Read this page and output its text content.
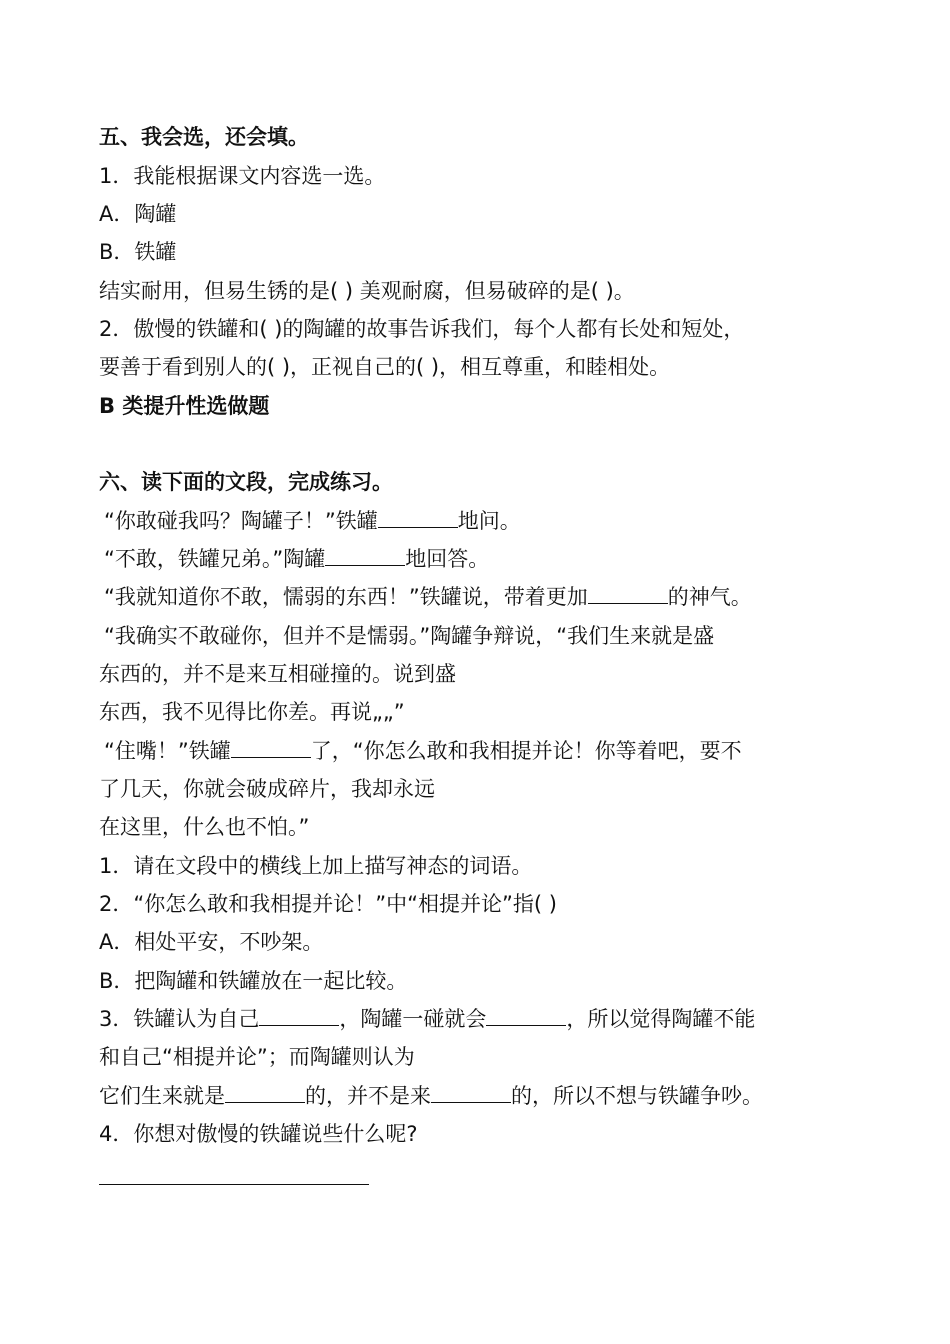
五、我会选，还会填。
1．我能根据课文内容选一选。
A．陶罐
B．铁罐
结实耐用，但易生锈的是( ) 美观耐腐，但易破碎的是( )。
2．傲慢的铁罐和( )的陶罐的故事告诉我们，每个人都有长处和短处，
要善于看到别人的( )，正视自己的( )，相互尊重，和睦相处。
B 类提升性选做题
六、读下面的文段，完成练习。
“你敢碰我吗？陶罐子！”铁罐	地问。
“不敢，铁罐兄弟。”陶罐	地回答。
“我就知道你不敢，懦弱的东西！”铁罐说，带着更加	的神气。
“我确实不敢碰你，但并不是懦弱。”陶罐争辩说，“我们生来就是盛
东西的，并不是来互相碰撞的。说到盛
东西，我不见得比你差。再说„„”
“住嘴！”铁罐	了，“你怎么敢和我相提并论！你等着吧，要不
了几天，你就会破成碎片，我却永远
在这里，什么也不怕。”
1．请在文段中的横线上加上描写神态的词语。
2．“你怎么敢和我相提并论！”中“相提并论”指( )
A．相处平安，不吵架。
B．把陶罐和铁罐放在一起比较。
3．铁罐认为自己	，陶罐一碰就会	，所以觉得陶罐不能
和自己“相提并论”；而陶罐则认为
它们生来就是	的，并不是来	的，所以不想与铁罐争吵。
4．你想对傲慢的铁罐说些什么呢?
